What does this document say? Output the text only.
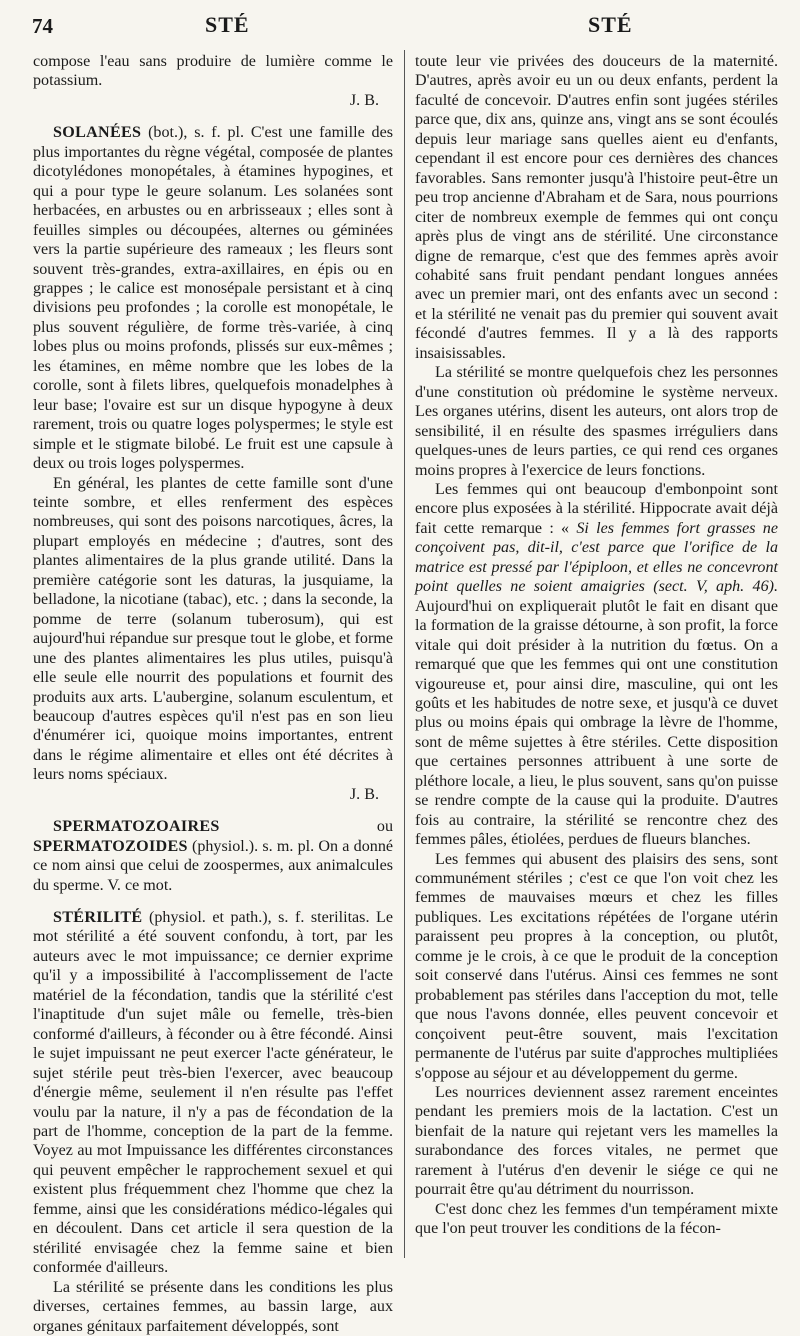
74	STÉ	STÉ

compose l'eau sans produire de lumière comme le potassium.
J. B.

SOLANÉES (bot.), s. f. pl. C'est une famille des plus importantes du règne végétal, composée de plantes dicotylédones monopétales, à étamines hypogines, et qui a pour type le geure solanum. Les solanées sont herbacées, en arbustes ou en arbrisseaux ; elles sont à feuilles simples ou découpées, alternes ou géminées vers la partie supérieure des rameaux ; les fleurs sont souvent très-grandes, extra-axillaires, en épis ou en grappes ; le calice est monosépale persistant et à cinq divisions peu profondes ; la corolle est monopétale, le plus souvent régulière, de forme très-variée, à cinq lobes plus ou moins profonds, plissés sur eux-mêmes ; les étamines, en même nombre que les lobes de la corolle, sont à filets libres, quelquefois monadelphes à leur base; l'ovaire est sur un disque hypogyne à deux rarement, trois ou quatre loges polyspermes; le style est simple et le stigmate bilobé. Le fruit est une capsule à deux ou trois loges polyspermes.

En général, les plantes de cette famille sont d'une teinte sombre, et elles renferment des espèces nombreuses, qui sont des poisons narcotiques, âcres, la plupart employés en médecine ; d'autres, sont des plantes alimentaires de la plus grande utilité. Dans la première catégorie sont les daturas, la jusquiame, la belladone, la nicotiane (tabac), etc. ; dans la seconde, la pomme de terre (solanum tuberosum), qui est aujourd'hui répandue sur presque tout le globe, et forme une des plantes alimentaires les plus utiles, puisqu'à elle seule elle nourrit des populations et fournit des produits aux arts. L'aubergine, solanum esculentum, et beaucoup d'autres espèces qu'il n'est pas en son lieu d'énumérer ici, quoique moins importantes, entrent dans le régime alimentaire et elles ont été décrites à leurs noms spéciaux.
J. B.

SPERMATOZOAIRES	ou SPERMATOZOIDES (physiol.). s. m. pl. On a donné ce nom ainsi que celui de zoospermes, aux animalcules du sperme. V. ce mot.

STÉRILITÉ (physiol. et path.), s. f. sterilitas. Le mot stérilité a été souvent confondu, à tort, par les auteurs avec le mot impuissance; ce dernier exprime qu'il y a impossibilité à l'accomplissement de l'acte matériel de la fécondation, tandis que la stérilité c'est l'inaptitude d'un sujet mâle ou femelle, très-bien conformé d'ailleurs, à féconder ou à être fécondé. Ainsi le sujet impuissant ne peut exercer l'acte générateur, le sujet stérile peut très-bien l'exercer, avec beaucoup d'énergie même, seulement il n'en résulte pas l'effet voulu par la nature, il n'y a pas de fécondation de la part de l'homme, conception de la part de la femme. Voyez au mot Impuissance les différentes circonstances qui peuvent empêcher le rapprochement sexuel et qui existent plus fréquemment chez l'homme que chez la femme, ainsi que les considérations médico-légales qui en découlent. Dans cet article il sera question de la stérilité envisagée chez la femme saine et bien conformée d'ailleurs.

La stérilité se présente dans les conditions les plus diverses, certaines femmes, au bassin large, aux organes génitaux parfaitement développés, sont

toute leur vie privées des douceurs de la maternité. D'autres, après avoir eu un ou deux enfants, perdent la faculté de concevoir. D'autres enfin sont jugées stériles parce que, dix ans, quinze ans, vingt ans se sont écoulés depuis leur mariage sans quelles aient eu d'enfants, cependant il est encore pour ces dernières des chances favorables. Sans remonter jusqu'à l'histoire peut-être un peu trop ancienne d'Abraham et de Sara, nous pourrions citer de nombreux exemple de femmes qui ont conçu après plus de vingt ans de stérilité. Une circonstance digne de remarque, c'est que des femmes après avoir cohabité sans fruit pendant pendant longues années avec un premier mari, ont des enfants avec un second : et la stérilité ne venait pas du premier qui souvent avait fécondé d'autres femmes. Il y a là des rapports insaisissables.

La stérilité se montre quelquefois chez les personnes d'une constitution où prédomine le système nerveux. Les organes utérins, disent les auteurs, ont alors trop de sensibilité, il en résulte des spasmes irréguliers dans quelques-unes de leurs parties, ce qui rend ces organes moins propres à l'exercice de leurs fonctions.

Les femmes qui ont beaucoup d'embonpoint sont encore plus exposées à la stérilité. Hippocrate avait déjà fait cette remarque : « Si les femmes fort grasses ne conçoivent pas, dit-il, c'est parce que l'orifice de la matrice est pressé par l'épiploon, et elles ne concevront point quelles ne soient amaigries (sect. V, aph. 46). Aujourd'hui on expliquerait plutôt le fait en disant que la formation de la graisse détourne, à son profit, la force vitale qui doit présider à la nutrition du fœtus. On a remarqué que que les femmes qui ont une constitution vigoureuse et, pour ainsi dire, masculine, qui ont les goûts et les habitudes de notre sexe, et jusqu'à ce duvet plus ou moins épais qui ombrage la lèvre de l'homme, sont de même sujettes à être stériles. Cette disposition que certaines personnes attribuent à une sorte de pléthore locale, a lieu, le plus souvent, sans qu'on puisse se rendre compte de la cause qui la produite. D'autres fois au contraire, la stérilité se rencontre chez des femmes pâles, étiolées, perdues de flueurs blanches.

Les femmes qui abusent des plaisirs des sens, sont communément stériles ; c'est ce que l'on voit chez les femmes de mauvaises mœurs et chez les filles publiques. Les excitations répétées de l'organe utérin paraissent peu propres à la conception, ou plutôt, comme je le crois, à ce que le produit de la conception soit conservé dans l'utérus. Ainsi ces femmes ne sont probablement pas stériles dans l'acception du mot, telle que nous l'avons donnée, elles peuvent concevoir et conçoivent peut-être souvent, mais l'excitation permanente de l'utérus par suite d'approches multipliées s'oppose au séjour et au développement du germe.

Les nourrices deviennent assez rarement enceintes pendant les premiers mois de la lactation. C'est un bienfait de la nature qui rejetant vers les mamelles la surabondance des forces vitales, ne permet que rarement à l'utérus d'en devenir le siége ce qui ne pourrait être qu'au détriment du nourrisson.

C'est donc chez les femmes d'un tempérament mixte que l'on peut trouver les conditions de la fécon-
